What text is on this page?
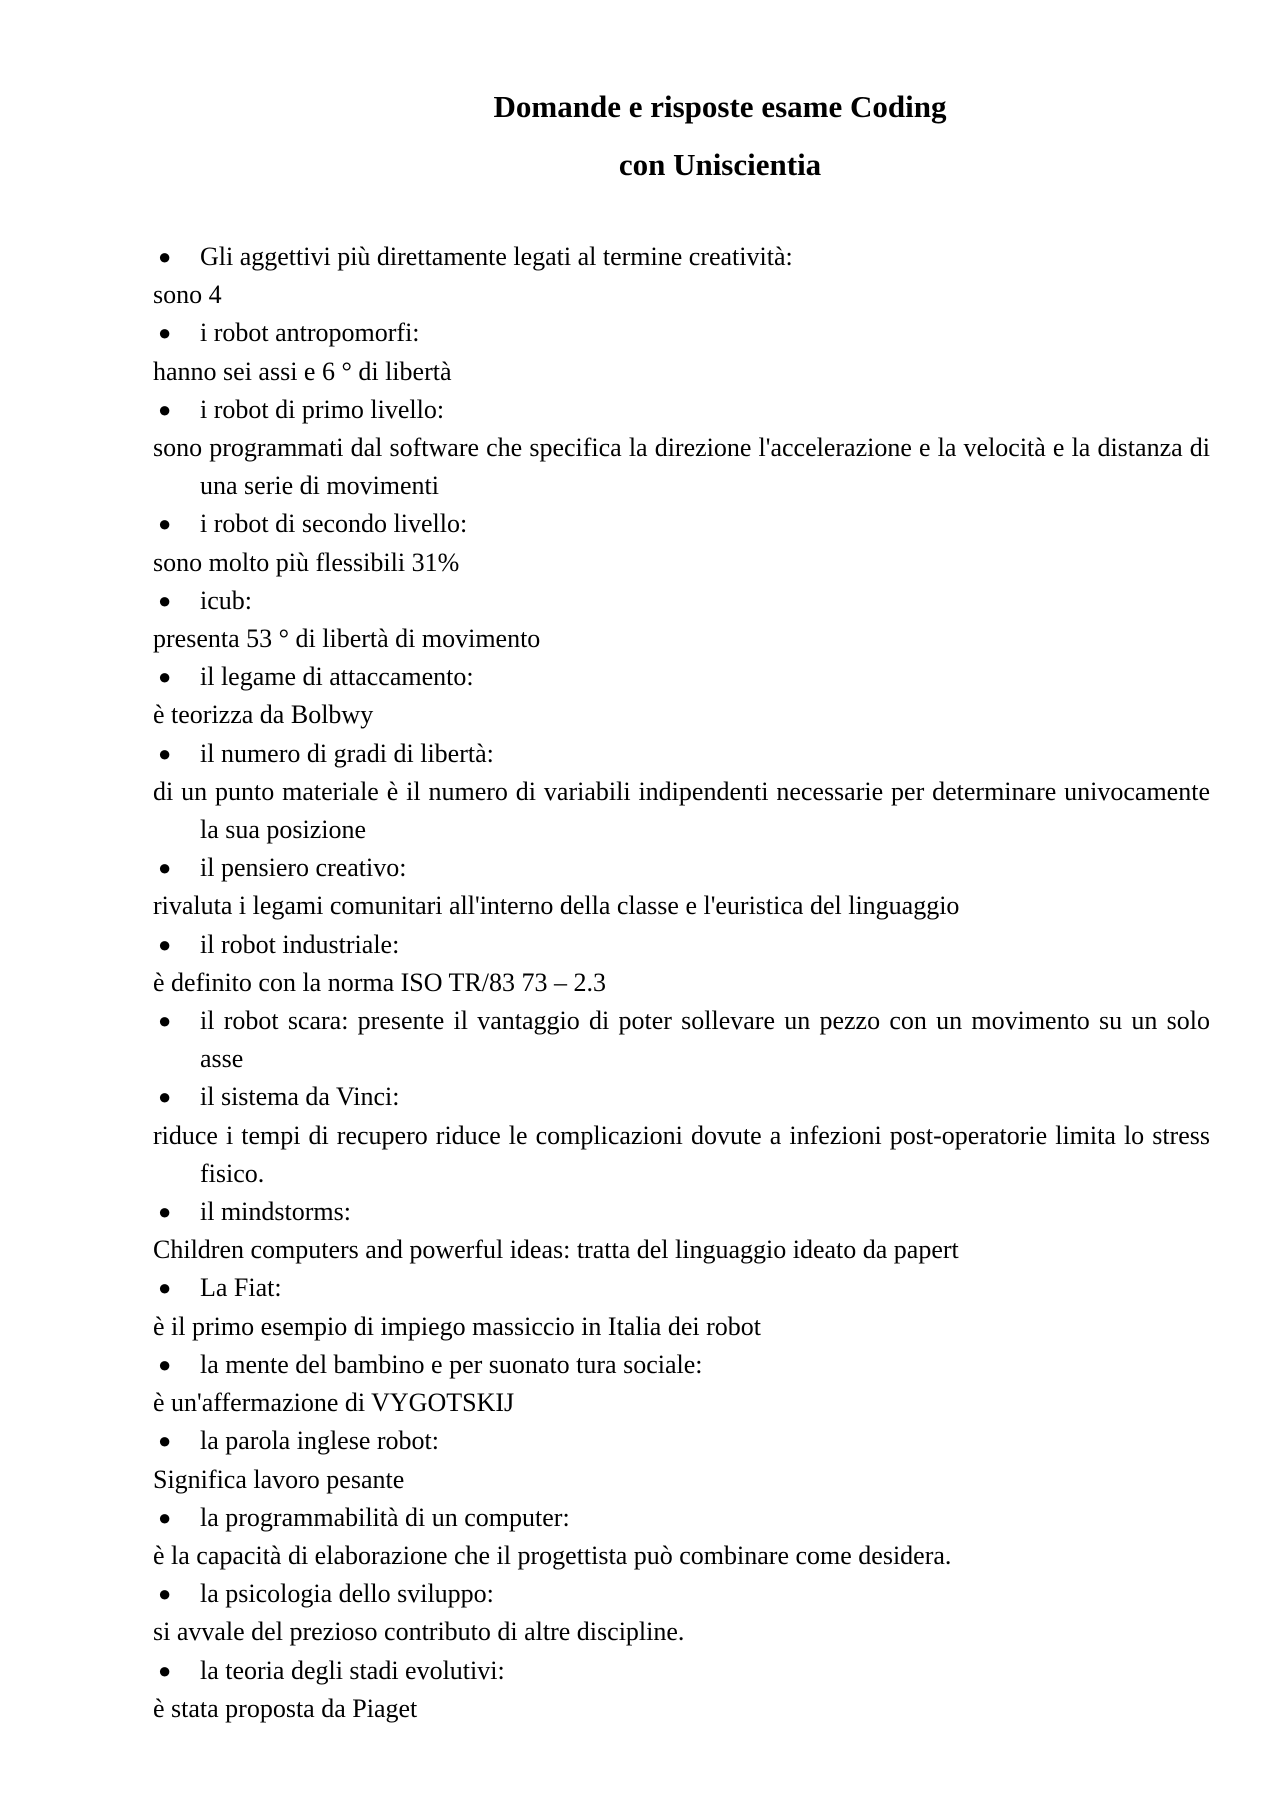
Domande e risposte esame Coding
con Uniscientia
● Gli aggettivi più direttamente legati al termine creatività:
sono 4
● i robot antropomorfi:
hanno sei assi e 6 ° di libertà
● i robot di primo livello:
sono programmati dal software che specifica la direzione l'accelerazione e la velocità e la distanza di una serie di movimenti
● i robot di secondo livello:
sono molto più flessibili 31%
● icub:
presenta 53 ° di libertà di movimento
● il legame di attaccamento:
è teorizza da Bolbwy
● il numero di gradi di libertà:
di un punto materiale è il numero di variabili indipendenti necessarie per determinare univocamente la sua posizione
● il pensiero creativo:
rivaluta i legami comunitari all'interno della classe e l'euristica del linguaggio
● il robot industriale:
è definito con la norma ISO TR/83 73 – 2.3
● il robot scara: presente il vantaggio di poter sollevare un pezzo con un movimento su un solo asse
● il sistema da Vinci:
riduce i tempi di recupero riduce le complicazioni dovute a infezioni post-operatorie limita lo stress fisico.
● il mindstorms:
Children computers and powerful ideas: tratta del linguaggio ideato da papert
● La Fiat:
è il primo esempio di impiego massiccio in Italia dei robot
● la mente del bambino e per suonato tura sociale:
è un'affermazione di VYGOTSKIJ
● la parola inglese robot:
Significa lavoro pesante
● la programmabilità di un computer:
è la capacità di elaborazione che il progettista può combinare come desidera.
● la psicologia dello sviluppo:
si avvale del prezioso contributo di altre discipline.
● la teoria degli stadi evolutivi:
è stata proposta da Piaget
